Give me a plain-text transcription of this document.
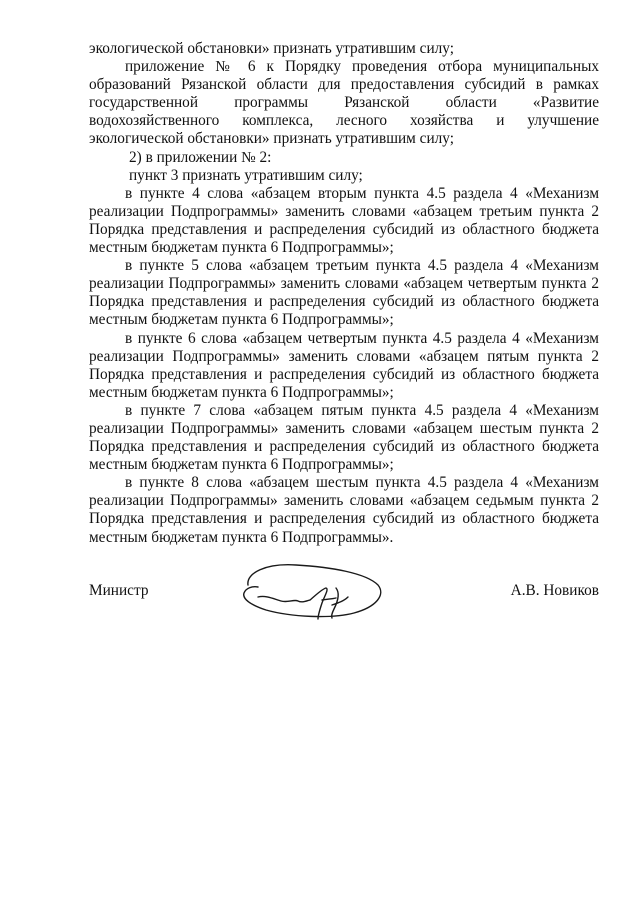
экологической обстановки» признать утратившим силу;

приложение № 6 к Порядку проведения отбора муниципальных образований Рязанской области для предоставления субсидий в рамках государственной программы Рязанской области «Развитие водохозяйственного комплекса, лесного хозяйства и улучшение экологической обстановки» признать утратившим силу;

2) в приложении № 2:

пункт 3 признать утратившим силу;

в пункте 4 слова «абзацем вторым пункта 4.5 раздела 4 «Механизм реализации Подпрограммы» заменить словами «абзацем третьим пункта 2 Порядка представления и распределения субсидий из областного бюджета местным бюджетам пункта 6 Подпрограммы»;

в пункте 5 слова «абзацем третьим пункта 4.5 раздела 4 «Механизм реализации Подпрограммы» заменить словами «абзацем четвертым пункта 2 Порядка представления и распределения субсидий из областного бюджета местным бюджетам пункта 6 Подпрограммы»;

в пункте 6 слова «абзацем четвертым пункта 4.5 раздела 4 «Механизм реализации Подпрограммы» заменить словами «абзацем пятым пункта 2 Порядка представления и распределения субсидий из областного бюджета местным бюджетам пункта 6 Подпрограммы»;

в пункте 7 слова «абзацем пятым пункта 4.5 раздела 4 «Механизм реализации Подпрограммы» заменить словами «абзацем шестым пункта 2 Порядка представления и распределения субсидий из областного бюджета местным бюджетам пункта 6 Подпрограммы»;

в пункте 8 слова «абзацем шестым пункта 4.5 раздела 4 «Механизм реализации Подпрограммы» заменить словами «абзацем седьмым пункта 2 Порядка представления и распределения субсидий из областного бюджета местным бюджетам пункта 6 Подпрограммы».

Министр	А.В. Новиков
